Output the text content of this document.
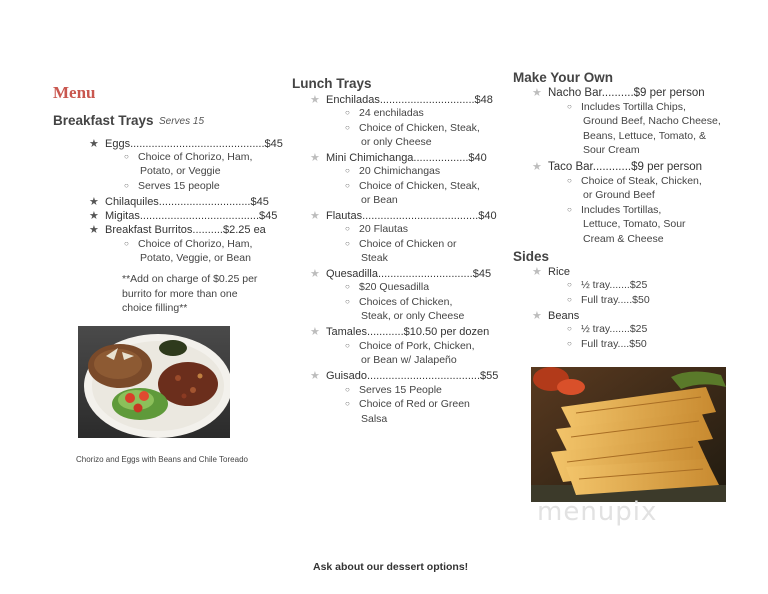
Menu
Breakfast Trays Serves 15
★ Eggs............................................$45
○ Choice of Chorizo, Ham,
Potato, or Veggie
○ Serves 15 people
★ Chilaquiles..............................$45
★ Migitas.......................................$45
★ Breakfast Burritos..........$2.25 ea
○ Choice of Chorizo, Ham,
Potato, Veggie, or Bean
**Add on charge of $0.25 per
burrito for more than one
choice filling**
Chorizo and Eggs with Beans and Chile Toreado
Lunch Trays
★ Enchiladas...............................$48
○ 24 enchiladas
○ Choice of Chicken, Steak,
or only Cheese
★ Mini Chimichanga..................$40
○ 20 Chimichangas
○ Choice of Chicken, Steak,
or Bean
★ Flautas......................................$40
○ 20 Flautas
○ Choice of Chicken or
Steak
★ Quesadilla...............................$45
○ $20 Quesadilla
○ Choices of Chicken,
Steak, or only Cheese
★ Tamales............$10.50 per dozen
○ Choice of Pork, Chicken,
or Bean w/ Jalapeño
★ Guisado.....................................$55
○ Serves 15 People
○ Choice of Red or Green
Salsa
Make Your Own
★ Nacho Bar..........$9 per person
○ Includes Tortilla Chips,
Ground Beef, Nacho Cheese,
Beans, Lettuce, Tomato, &
Sour Cream
★ Taco Bar............$9 per person
○ Choice of Steak, Chicken,
or Ground Beef
○ Includes Tortillas,
Lettuce, Tomato, Sour
Cream & Cheese
Sides
★ Rice
○ ½ tray.......$25
○ Full tray.....$50
★ Beans
○ ½ tray.......$25
○ Full tray....$50
menupix
Ask about our dessert options!
